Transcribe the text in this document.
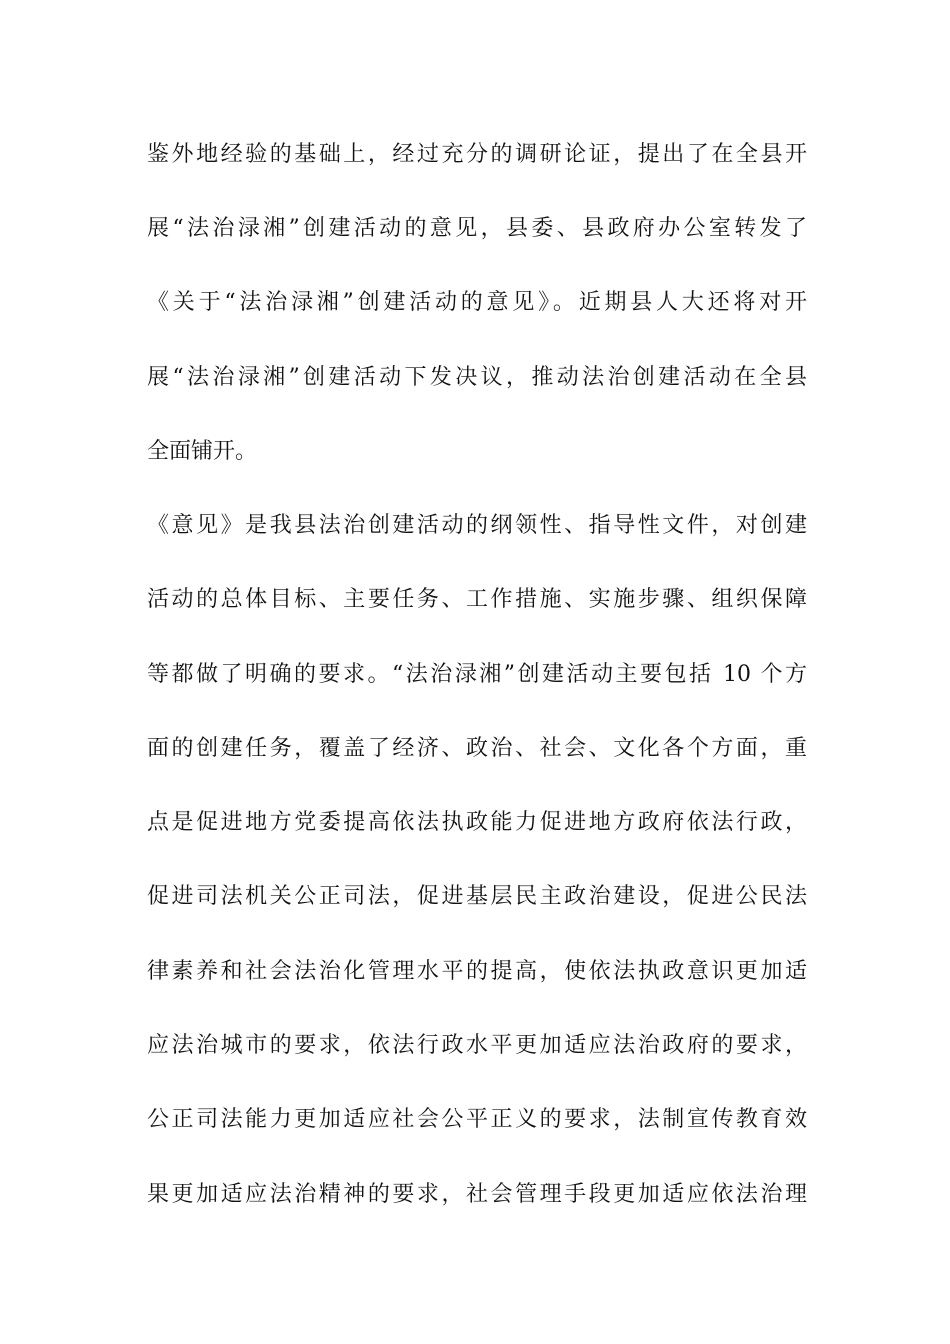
鉴外地经验的基础上，经过充分的调研论证，提出了在全县开
展“法治渌湘”创建活动的意见，县委、县政府办公室转发了
《关于“法治渌湘”创建活动的意见》。近期县人大还将对开
展“法治渌湘”创建活动下发决议，推动法治创建活动在全县
全面铺开。
《意见》是我县法治创建活动的纲领性、指导性文件，对创建
活动的总体目标、主要任务、工作措施、实施步骤、组织保障
等都做了明确的要求。“法治渌湘”创建活动主要包括 10 个方
面的创建任务，覆盖了经济、政治、社会、文化各个方面，重
点是促进地方党委提高依法执政能力促进地方政府依法行政，
促进司法机关公正司法，促进基层民主政治建设，促进公民法
律素养和社会法治化管理水平的提高，使依法执政意识更加适
应法治城市的要求，依法行政水平更加适应法治政府的要求，
公正司法能力更加适应社会公平正义的要求，法制宣传教育效
果更加适应法治精神的要求，社会管理手段更加适应依法治理
